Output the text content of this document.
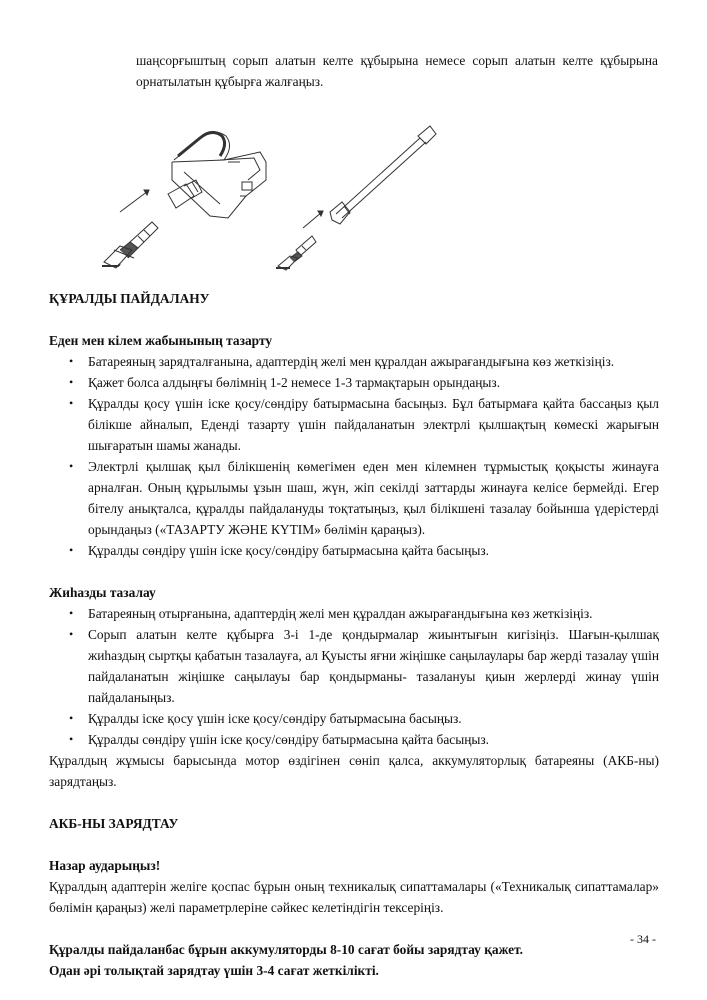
шаңсорғыштың сорып алатын келте құбырына немесе сорып алатын келте құбырына орнатылатын құбырға жалғаңыз.

ҚҰРАЛДЫ ПАЙДАЛАНУ
Еден мен кілем жабынының тазарту
• Батареяның зарядталғанына, адаптердің желі мен құралдан ажырағандығына көз жеткізіңіз.
• Қажет болса алдыңғы бөлімнің 1-2 немесе 1-3 тармақтарын орындаңыз.
• Құралды қосу үшін іске қосу/сөндіру батырмасына басыңыз. Бұл батырмаға қайта бассаңыз қыл білікше айналып, Еденді тазарту үшін пайдаланатын электрлі қылшақтың көмескі жарығын шығаратын шамы жанады.
• Электрлі қылшақ қыл білікшенің көмегімен еден мен кілемнен тұрмыстық қоқысты жинауға арналған. Оның құрылымы ұзын шаш, жүн, жіп секілді заттарды жинауға келісе бермейді. Егер бітелу анықталса, құралды пайдалануды тоқтатыңыз, қыл білікшені тазалау бойынша үдерістерді орындаңыз («ТАЗАРТУ ЖӘНЕ КҮТІМ» бөлімін қараңыз).
• Құралды сөндіру үшін іске қосу/сөндіру батырмасына қайта басыңыз.
Жиһазды тазалау
• Батареяның отырғанына, адаптердің желі мен құралдан ажырағандығына көз жеткізіңіз.
• Сорып алатын келте құбырға 3-і 1-де қондырмалар жиынтығын кигізіңіз. Шағын-қылшақ жиһаздың сыртқы қабатын тазалауға, ал Қуысты яғни жіңішке саңылаулары бар жерді тазалау үшін пайдаланатын жіңішке саңылауы бар қондырманы- тазалануы қиын жерлерді жинау үшін пайдаланыңыз.
• Құралды іске қосу үшін іске қосу/сөндіру батырмасына басыңыз.
• Құралды сөндіру үшін іске қосу/сөндіру батырмасына қайта басыңыз.

Құралдың жұмысы барысында мотор өздігінен сөніп қалса, аккумуляторлық батареяны (АКБ-ны) зарядтаңыз.

АКБ-НЫ ЗАРЯДТАУ
Назар аударыңыз!

Құралдың адаптерін желіге қоспас бұрын оның техникалық сипаттамалары («Техникалық сипаттамалар» бөлімін қараңыз) желі параметрлеріне сәйкес келетіндігін тексеріңіз.

Құралды пайдаланбас бұрын аккумуляторды 8-10 сағат бойы зарядтау қажет.

Одан әрі толықтай зарядтау үшін 3-4 сағат жеткілікті.

- 34 -
